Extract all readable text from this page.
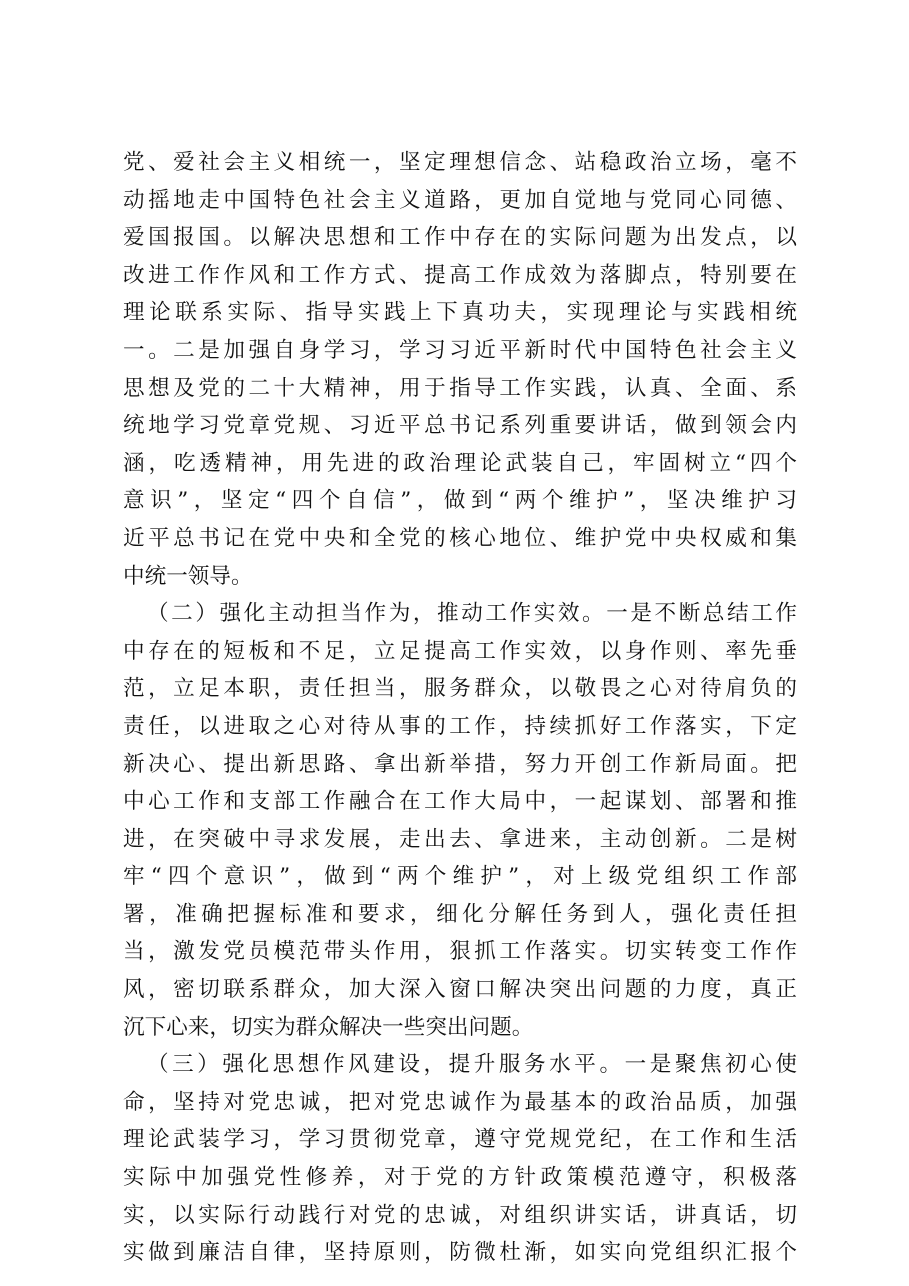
党、爱社会主义相统一，坚定理想信念、站稳政治立场，毫不
动摇地走中国特色社会主义道路，更加自觉地与党同心同德、
爱国报国。以解决思想和工作中存在的实际问题为出发点，以
改进工作作风和工作方式、提高工作成效为落脚点，特别要在
理论联系实际、指导实践上下真功夫，实现理论与实践相统
一。二是加强自身学习，学习习近平新时代中国特色社会主义
思想及党的二十大精神，用于指导工作实践，认真、全面、系
统地学习党章党规、习近平总书记系列重要讲话，做到领会内
涵，吃透精神，用先进的政治理论武装自己，牢固树立“四个
意识”，坚定“四个自信”，做到“两个维护”，坚决维护习
近平总书记在党中央和全党的核心地位、维护党中央权威和集
中统一领导。
（二）强化主动担当作为，推动工作实效。一是不断总结工作
中存在的短板和不足，立足提高工作实效，以身作则、率先垂
范，立足本职，责任担当，服务群众，以敬畏之心对待肩负的
责任，以进取之心对待从事的工作，持续抓好工作落实，下定
新决心、提出新思路、拿出新举措，努力开创工作新局面。把
中心工作和支部工作融合在工作大局中，一起谋划、部署和推
进，在突破中寻求发展，走出去、拿进来，主动创新。二是树
牢“四个意识”，做到“两个维护”，对上级党组织工作部
署，准确把握标准和要求，细化分解任务到人，强化责任担
当，激发党员模范带头作用，狠抓工作落实。切实转变工作作
风，密切联系群众，加大深入窗口解决突出问题的力度，真正
沉下心来，切实为群众解决一些突出问题。
（三）强化思想作风建设，提升服务水平。一是聚焦初心使
命，坚持对党忠诚，把对党忠诚作为最基本的政治品质，加强
理论武装学习，学习贯彻党章，遵守党规党纪，在工作和生活
实际中加强党性修养，对于党的方针政策模范遵守，积极落
实，以实际行动践行对党的忠诚，对组织讲实话，讲真话，切
实做到廉洁自律，坚持原则，防微杜渐，如实向党组织汇报个
